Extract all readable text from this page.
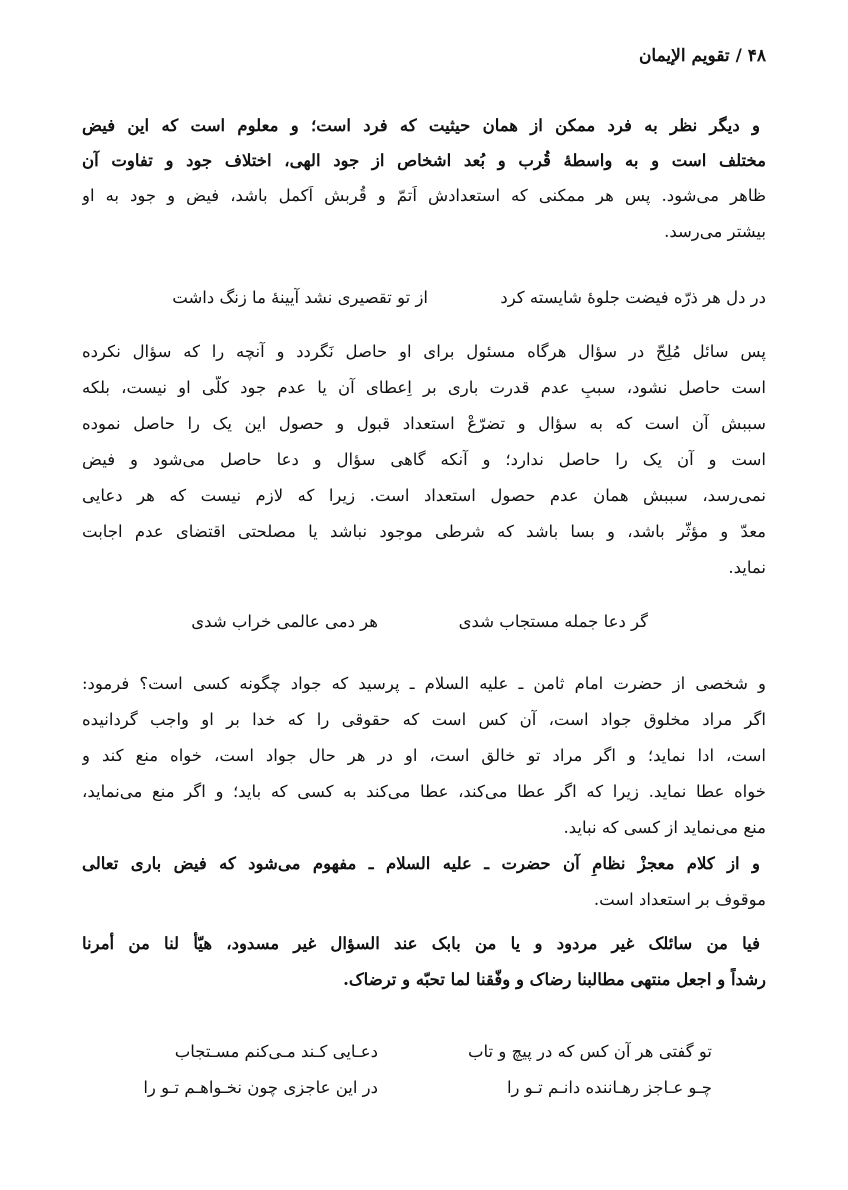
۴۸ / تقویم الإیمان
و دیگر نظر به فرد ممکن از همان حیثیت که فرد است؛ و معلوم است که این فیض
مختلف است و به واسطهٔ قُرب و بُعد اشخاص از جود الهی، اختلاف جود و تفاوت آن
ظاهر می‌شود. پس هر ممکنی که استعدادش اَتمّ و قُربش اَکمل باشد، فیض و جود به او
بیشتر می‌رسد.
در دل هر ذرّه فیضت جلوهٔ شایسته کرد
از تو تقصیری نشد آیینهٔ ما زنگ داشت
پس سائل مُلِحّ در سؤال هرگاه مسئول برای او حاصل نَگردد و آنچه را که سؤال نکرده
است حاصل نشود، سببِ عدم قدرت باری بر اِعطای آن یا عدم جود کلّی او نیست، بلکه
سببش آن است که به سؤال و تضرّعْ استعداد قبول و حصول این یک را حاصل نموده
است و آن یک را حاصل ندارد؛ و آنکه گاهی سؤال و دعا حاصل می‌شود و فیض
نمی‌رسد، سببش همان عدم حصول استعداد است. زیرا که لازم نیست که هر دعایی
معدّ و مؤثّر باشد، و بسا باشد که شرطی موجود نباشد یا مصلحتی اقتضای عدم اجابت
نماید.
گر دعا جمله مستجاب شدی
هر دمی عالمی خراب شدی
و شخصی از حضرت امام ثامن ـ علیه السلام ـ پرسید که جواد چگونه کسی است؟ فرمود:
اگر مراد مخلوق جواد است، آن کس است که حقوقی را که خدا بر او واجب گردانیده
است، ادا نماید؛ و اگر مراد تو خالق است، او در هر حال جواد است، خواه منع کند و
خواه عطا نماید. زیرا که اگر عطا می‌کند، عطا می‌کند به کسی که باید؛ و اگر منع می‌نماید،
منع می‌نماید از کسی که نباید.
و از کلام معجزْ نظامِ آن حضرت ـ علیه السلام ـ مفهوم می‌شود که فیض باری تعالی
موقوف بر استعداد است.
فیا من سائلک غیر مردود و یا من بابک عند السؤال غیر مسدود، هیّأ لنا من أُمرنا
رشداً و اجعل منتهی مطالبنا رضاک و وفّقنا لما تحبّه و ترضاک.
تو گفتی هر آن کس که در پیچ و تاب
دعـایی کـند مـی‌کنم مسـتجاب
چـو عـاجز رهـاننده دانـم تـو را
در این عاجزی چون نخـواهـم تـو را
